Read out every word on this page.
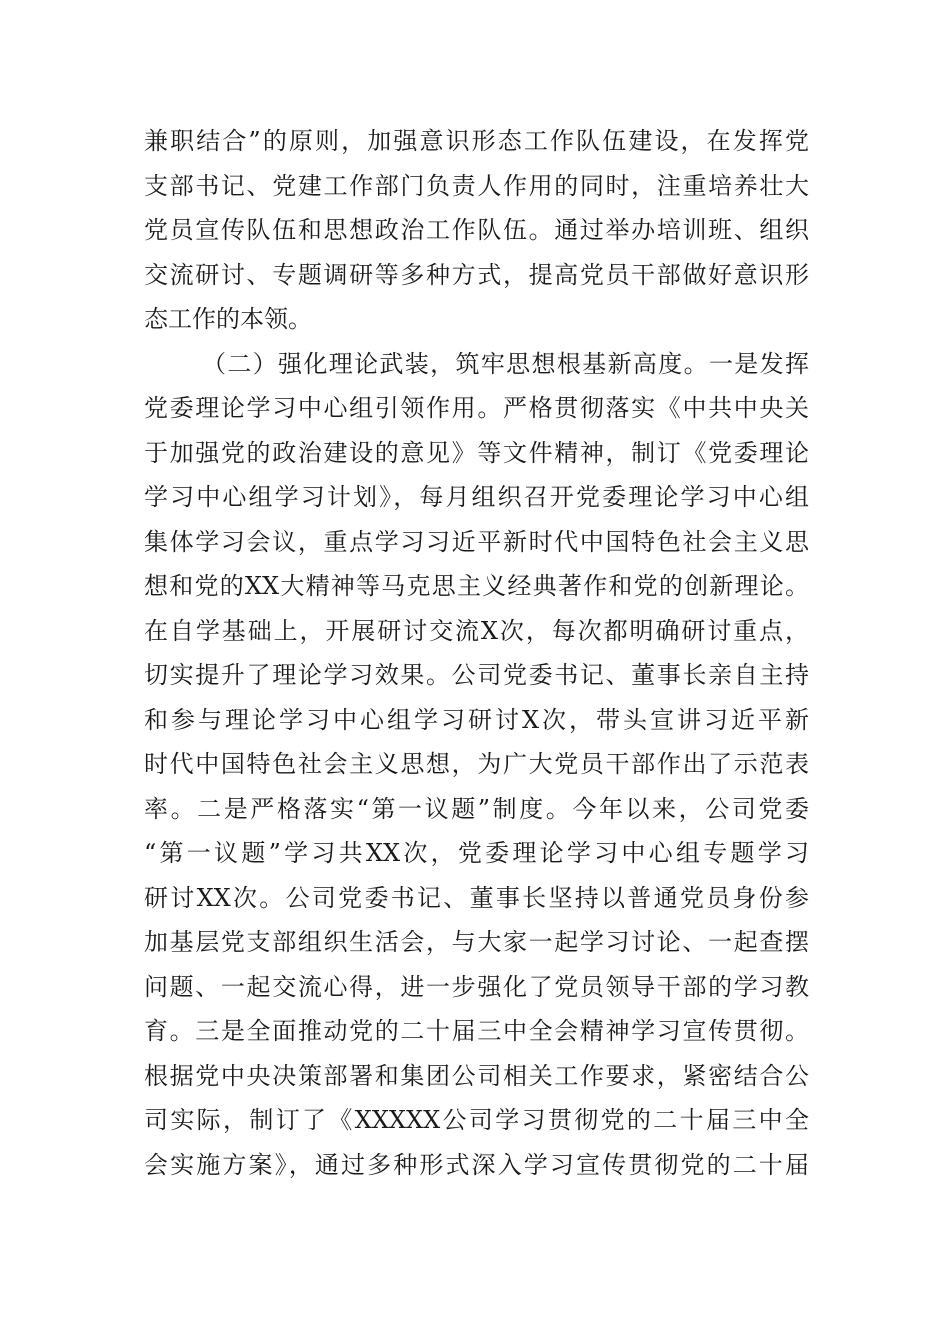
兼职结合”的原则，加强意识形态工作队伍建设，在发挥党
支部书记、党建工作部门负责人作用的同时，注重培养壮大
党员宣传队伍和思想政治工作队伍。通过举办培训班、组织
交流研讨、专题调研等多种方式，提高党员干部做好意识形
态工作的本领。
（二）强化理论武装，筑牢思想根基新高度。一是发挥
党委理论学习中心组引领作用。严格贯彻落实《中共中央关
于加强党的政治建设的意见》等文件精神，制订《党委理论
学习中心组学习计划》，每月组织召开党委理论学习中心组
集体学习会议，重点学习习近平新时代中国特色社会主义思
想和党的XX大精神等马克思主义经典著作和党的创新理论。
在自学基础上，开展研讨交流X次，每次都明确研讨重点，
切实提升了理论学习效果。公司党委书记、董事长亲自主持
和参与理论学习中心组学习研讨X次，带头宣讲习近平新
时代中国特色社会主义思想，为广大党员干部作出了示范表
率。二是严格落实“第一议题”制度。今年以来，公司党委
“第一议题”学习共XX次，党委理论学习中心组专题学习
研讨XX次。公司党委书记、董事长坚持以普通党员身份参
加基层党支部组织生活会，与大家一起学习讨论、一起查摆
问题、一起交流心得，进一步强化了党员领导干部的学习教
育。三是全面推动党的二十届三中全会精神学习宣传贯彻。
根据党中央决策部署和集团公司相关工作要求，紧密结合公
司实际，制订了《XXXXX公司学习贯彻党的二十届三中全
会实施方案》，通过多种形式深入学习宣传贯彻党的二十届
